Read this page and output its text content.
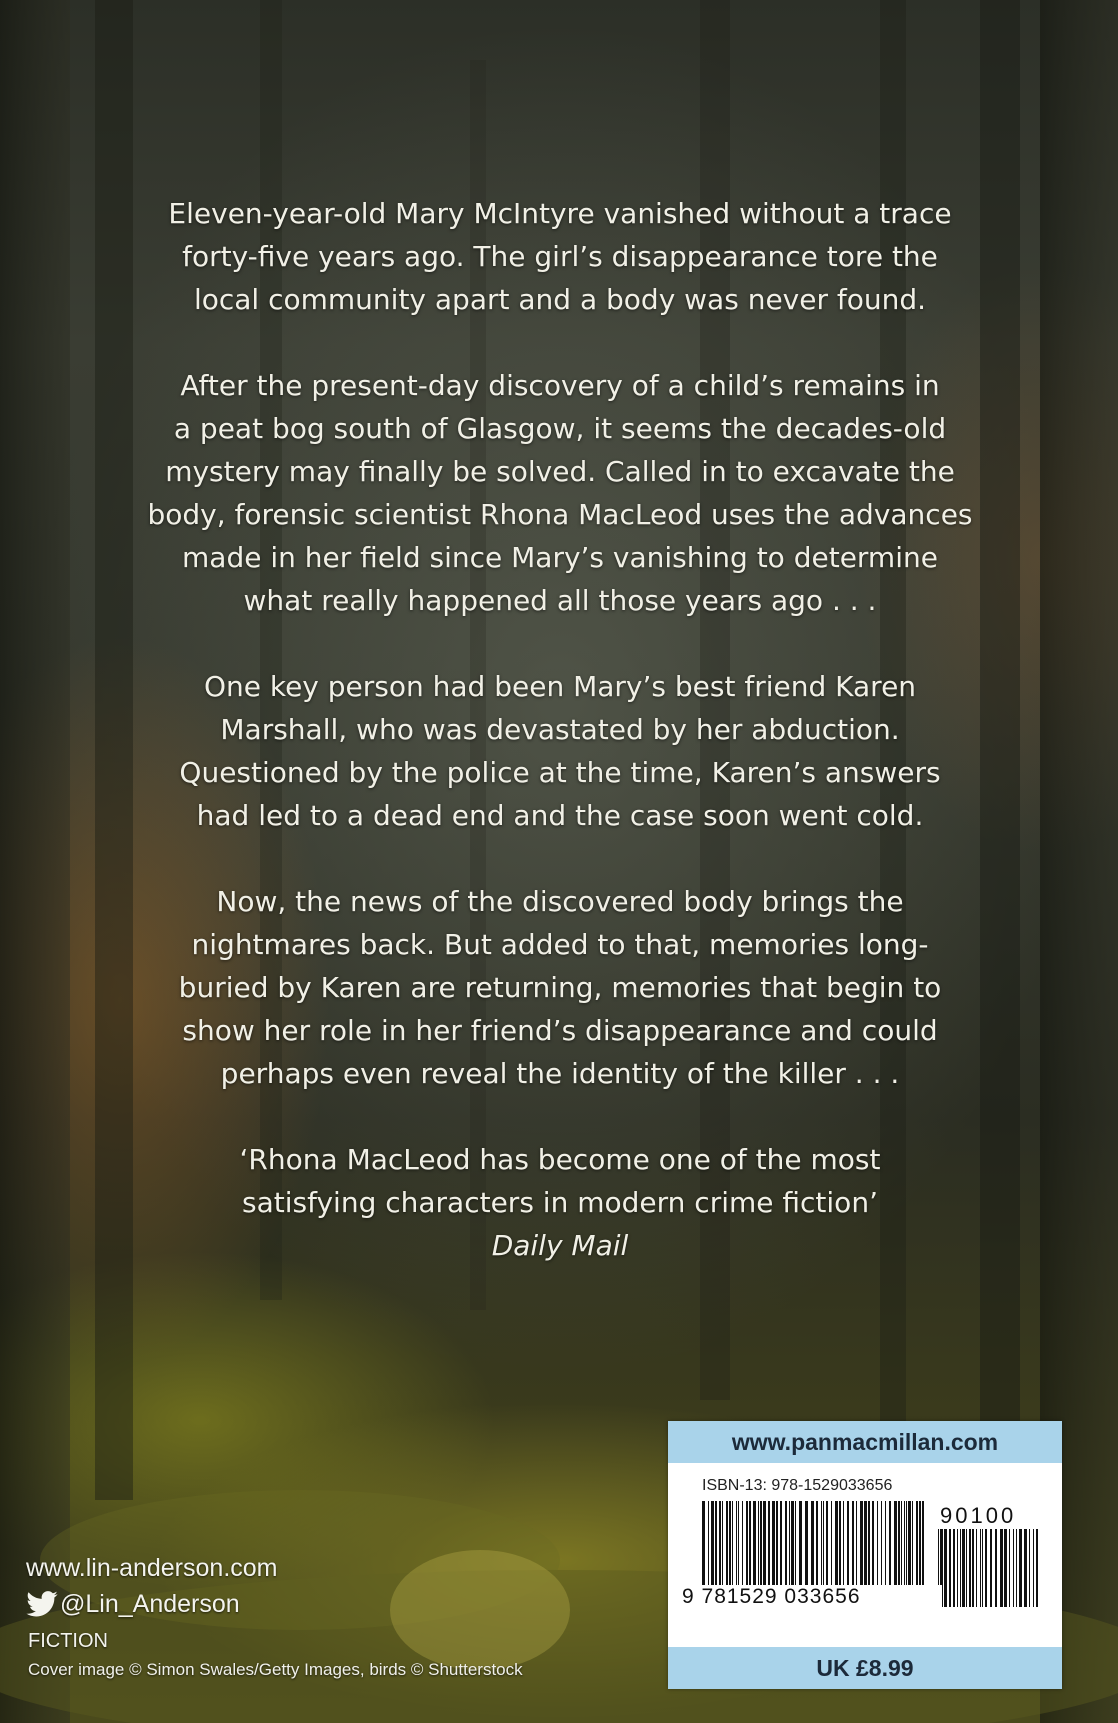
Eleven-year-old Mary McIntyre vanished without a trace
forty-five years ago. The girl’s disappearance tore the
local community apart and a body was never found.

After the present-day discovery of a child’s remains in
a peat bog south of Glasgow, it seems the decades-old
mystery may finally be solved. Called in to excavate the
body, forensic scientist Rhona MacLeod uses the advances
made in her field since Mary’s vanishing to determine
what really happened all those years ago . . .

One key person had been Mary’s best friend Karen
Marshall, who was devastated by her abduction.
Questioned by the police at the time, Karen’s answers
had led to a dead end and the case soon went cold.

Now, the news of the discovered body brings the
nightmares back. But added to that, memories long-
buried by Karen are returning, memories that begin to
show her role in her friend’s disappearance and could
perhaps even reveal the identity of the killer . . .

‘Rhona MacLeod has become one of the most
satisfying characters in modern crime fiction’
Daily Mail
www.lin-anderson.com
@Lin_Anderson
FICTION
Cover image © Simon Swales/Getty Images, birds © Shutterstock
www.panmacmillan.com
ISBN-13: 978-1529033656
90100
9 781529 033656
UK £8.99
